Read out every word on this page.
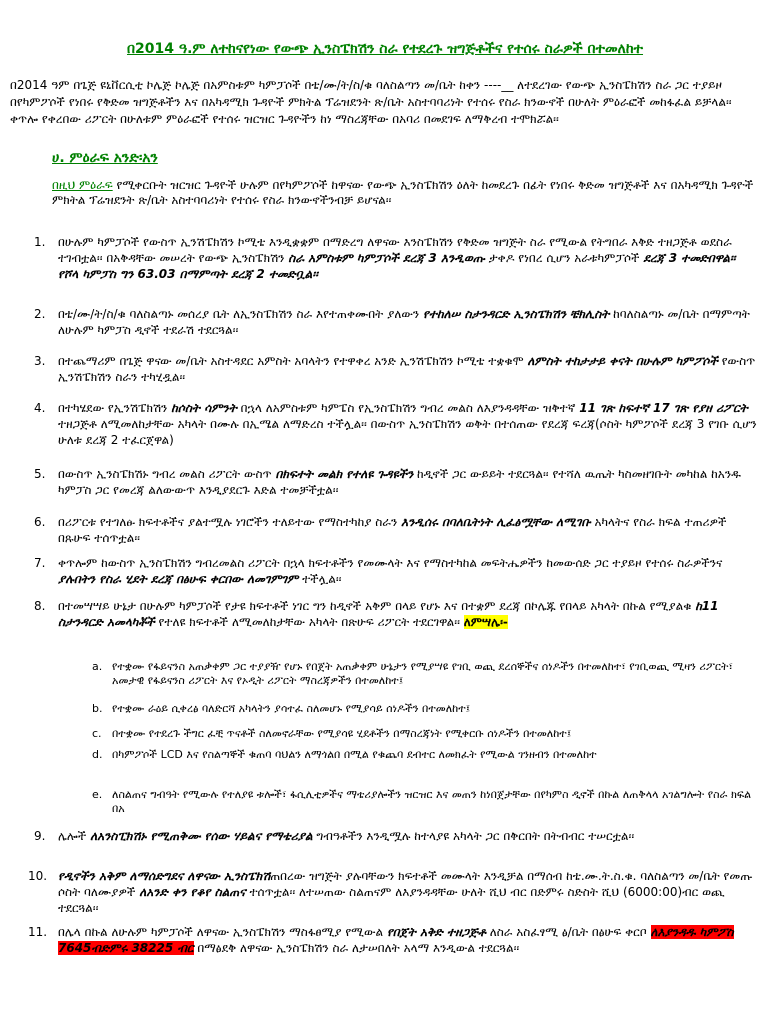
በ2014 ዓ.ም ለተከናየነው የውጭ ኢንስፔክሽን ስራ የተደረጉ ዝግጅቶችና የተሰሩ ስራዎች በተመለከተ
በ2014 ዓም በጌጅ ዩኒቨርሲቲ ኮሌጅ ኮሌጅ በአምስቱም ካምፓሶች በቴ/ሙ/ት/ስ/ቁ ባለስልጣን መ/ቤት ከቀን ----__ ለተደረገው የውጭ ኢንስፔክሽን ስራ ጋር ተያይዞ በየካምፖሶች የነበሩ የቅድመ ዝግጅቶችን እና በአካዳሚክ ጉዳዮች ምክትል ፕሬዝደንት ጽ/ቤት አስተባባሪነት የተሰሩ የስራ ክንውኖች በሁለት ምዕራፎች መከፋፈል ይቻላል፡፡ ቀጥሎ የቀረበው ሪፖርት በሁለቱም ምዕራፎች የተሰሩ ዝርዝር ጉዳዮችን ከነ ማስረጃቸው በአባሪ በመደገፍ ለማቅረብ ተሞክሯል፡፡
ሀ. ምዕራፍ አንድ፡አን
በዚህ ምዕራፍ የሚቀርቡት ዝርዝር ጉዳዮች ሁሉም በየካምፖሶች ከዋናው የውጭ ኢንስፔክሽን ዕለት ከመደረጉ በፊት የነበሩ ቅድመ ዝግጅቶች እና በአካዳሚክ ጉዳዮች ምክትል ፕሬዝደንት ጽ/ቤት አስተባባሪነት የተሰሩ የስራ ክንውኖችንብቻ ይሆናል፡፡
1. በሁሉም ካምፓሶች የውስጥ ኢንሽፔክሽን ኮሚቴ እንዲቋቋም በማድረግ ለዋናው እንስፔክሽን የቅድመ ዝግጅት ስራ የሚውል የትግበራ እቅድ ተዘጋጅቶ ወደስራ ተገብቷል፡፡ በአቅዳቸው መሠረት የውጭ ኢንስፔክሽን ስራ አምስቱም ካምፓሶች ደረጃ 3 እንዲወጡ ታቀዶ የነበረ ሲሆን አራቱካምፓሶች ደረጃ 3 ተመድበዋል፡፡ የሾላ ካምፓስ ግን 63.03 በማምጣት ደረጃ 2 ተመድቧል፡፡
2. በቴ/ሙ/ት/ስ/ቁ ባለስልጣኑ መሰረያ ቤት ለኢንስፔክሽን ስራ እየተጠቀሙበት ያለውን የተከለሠ ስታንዳርድ ኢንስፔክሽን ቼክሊስት ከባለስልጣኑ መ/ቤት በማምጣት ለሁሉም ካምፓስ ዲኖች ተደራሽ ተደርጓል፡፡
3. በተጨማሪም በጌጅ ዋናው መ/ቤት አስተዳደር አምስት አባላትን የተዋቀረ አንድ ኢንሽፔክሽን ኮሚቴ ተቋቁሞ ለምስት ተከታታይ ቀናት በሁሉም ካምፖሶች የውስጥ ኢንሽፔክሽን ስራን ተካሂዷል፡፡
4. በተካሄደው የኢንሽፔክሽን ከሶስት ሳምንት በኋላ ለአምስቱም ካምፔስ የኢንስፔክሽን ግብረ መልስ ለእያንዳዳቸው ዝቅተኛ 11 ገጽ ከፍተኛ 17 ገጽ የያዘ ሪፖርት ተዘጋጅቶ ለሚመለከታቸው አካላት በሙሉ በኢሜል ለማድረስ ተችሏል፡፡ በውስጥ ኢንስፔክሽን ወቅት በተሰጠው የደረጃ ፍረጃ(ሶስት ካምፖሶች ደረጃ 3 የገቡ ሲሆን ሁለቱ ደረጃ 2 ተፈርጀዋል)
5. በውስጥ ኢንስፔክሽኑ ግብረ መልስ ሪፖርት ውስጥ በክፍተት መልክ የተለዩ ጉዳዩችን ከዲኖች ጋር ውይይት ተደርጓል፡፡ የተሻለ ዉጤት ካስመዘገቡት መካከል ከአንዱ ካምፓስ ጋር የመረጃ ልለውውጥ እንዲያደርጉ እድል ተመቻችቷል፡፡
6. በሪፖርቱ የተገለፁ ክፍተቶችና ያልተሟሉ ነገሮችን ተለይተው የማስተካከያ ስራን እንዲሰሩ በባለቤትነት ሊፈፅሟቸው ለሚገቡ አካላትና የስራ ክፍል ተጠሪዎች በጹሁፍ ተሰጥቷል፡፡
7. ቀጥሎም ከውስጥ ኢንስፔክሽን ግብረመልስ ሪፖርት በኋላ ክፍተቶችን የመሙላት እና የማስተካከል መፍትሔዎችን ከመውሰድ ጋር ተያይዞ የተሰሩ ስራዎችንና ያሉበትን የስራ ሂደት ደረጃ በፅሁፍ ቀርበው ለመገምገም ተችሏል፡፡
8. በተመሣሣይ ሁኔታ በሁሉም ካምፓሶች የታዩ ክፍተቶች ነገር ግን ከዲኖች አቅም በላይ የሆኑ እና በተቋም ደረጃ በኮሌጁ የበላይ አካላት በኩል የሚያልቁ ከ11 ስታንዳርድ አመላካቾች የተለዩ ክፍተቶች ለሚመለከታቸው አካላት በጽሁፍ ሪፖርት ተደርገዋል፡፡ ለምሣሌ፡-
a. የተቋሙ የፋይናንስ አጠቃቀም ጋር ተያያዥ የሆኑ የበጀት አጠቃቀም ሁኔታን የሚያሣዩ የገቢ ወጪ ደረሰኞችና ሰነዶችን በተመለከተ፣ የገቢወጪ ሚዛን ሪፖርት፣ አመታዊ የፋይናንስ ሪፖርት እና የኦዲት ሪፖርት ማስረጃዎችን በተመለከተ፤
b. የተቋሙ ራዕይ ሲቀረፅ ባለድርሻ አካላትን ያሳተፈ ስለመሆኑ የሚያሳይ ሰነዶችን በተመለከተ፤
c. በተቋሙ የተደረጉ ችግር ፈቺ ጥናቶች ስለመኖራቸው የሚያሳዩ ሂደቶችን በማስረጃነት የሚቀርቡ ሰነዶችን በተመለከተ፤
d. በካምፖሶች LCD እና የስልጣኞች ቁጠባ ባህልን ለማጎልበ በሚል የቁጨባ ደብተር ለመክፈት የሚውል ገንዘብን በተመለከተ
e. ለስልጠና ግብዓት የሚውሉ የተለያዩ ቱሎች፣ ፋሲሊቲዎችና ማቴሪያሎችን ዝርዝር እና መጠን ከነበጀታቸው በየካምስ ዲኖች በኩል ለጠቅላላ አገልግሎት የስራ ክፍል በአ
9. ሌሎች ለአንስፒክሽኑ የሚጠቅሙ የሰው ሃይልና የማቴሪያል ግብዓቶችን እንዲሟሉ ከተላያዩ አካላት ጋር በቅርበት በትብብር ተሠርቷል፡፡
10. የዲኖችን አቅም ለማሰድግደና ለዋናው ኢንስፔክሽጠበረው ዝግጅት ያሉባቸውን ክፍተቶች መሙላት እንዲቻል በማሰብ ከቴ.ሙ.ት.ስ.ቁ. ባለስልጣን መ/ቤት የመጡ ሶስት ባለሙያዎች ለአንድ ቀን የቆየ ስልጠና ተሰጥቷል፡፡ ለተሠጠው ስልጠናም ለእያንዳዳቸው ሁለት ሺህ ብር በድምሩ ስድስት ሺህ (6000:00)ብር ወጪ ተደርጓል፡፡
11. በሌላ በኩል ለሁሉም ካምፓሶች ለዋናው ኢንስፔክሽን ማስፋፀሚያ የሚውል የበጀት አቅድ ተዘጋጅቶ ለስራ አስፈፃሚ ፅ/ቤት በፅሁፍ ቀርቦ ለእያንዳዱ ካምፖስ 7645ብድምሩ 38225 ብር በማፅደቅ ለዋናው ኢንስፔክሽን ስራ ለታሠበለት አላማ እንዲውል ተደርጓል፡፡
